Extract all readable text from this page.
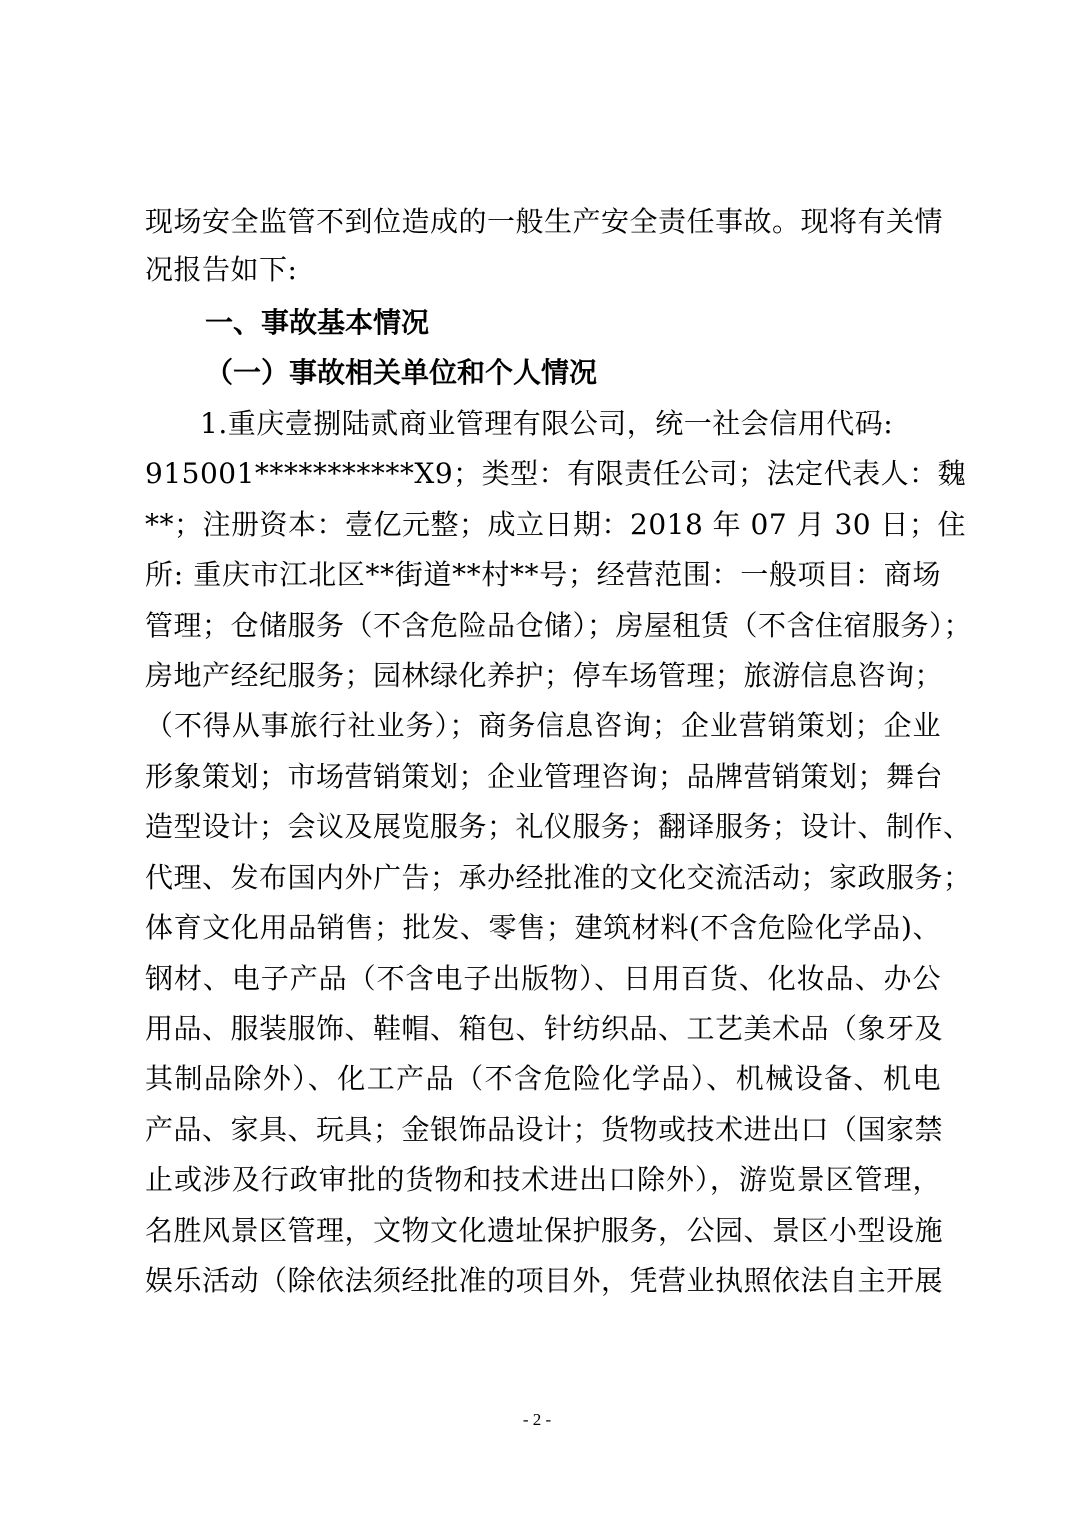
现场安全监管不到位造成的一般生产安全责任事故。现将有关情
况报告如下:
一、事故基本情况
（一）事故相关单位和个人情况
1.重庆壹捌陆贰商业管理有限公司，统一社会信用代码:
915001***********X9；类型：有限责任公司；法定代表人：魏
**；注册资本：壹亿元整；成立日期：2018 年 07 月 30 日；住
所: 重庆市江北区**街道**村**号；经营范围：一般项目：商场
管理；仓储服务（不含危险品仓储）；房屋租赁（不含住宿服务）；
房地产经纪服务；园林绿化养护；停车场管理；旅游信息咨询；
（不得从事旅行社业务）；商务信息咨询；企业营销策划；企业
形象策划；市场营销策划；企业管理咨询；品牌营销策划；舞台
造型设计；会议及展览服务；礼仪服务；翻译服务；设计、制作、
代理、发布国内外广告；承办经批准的文化交流活动；家政服务；
体育文化用品销售；批发、零售；建筑材料(不含危险化学品)、
钢材、电子产品（不含电子出版物）、日用百货、化妆品、办公
用品、服装服饰、鞋帽、箱包、针纺织品、工艺美术品（象牙及
其制品除外）、化工产品（不含危险化学品）、机械设备、机电
产品、家具、玩具；金银饰品设计；货物或技术进出口（国家禁
止或涉及行政审批的货物和技术进出口除外），游览景区管理，
名胜风景区管理，文物文化遗址保护服务，公园、景区小型设施
娱乐活动（除依法须经批准的项目外，凭营业执照依法自主开展
- 2 -
